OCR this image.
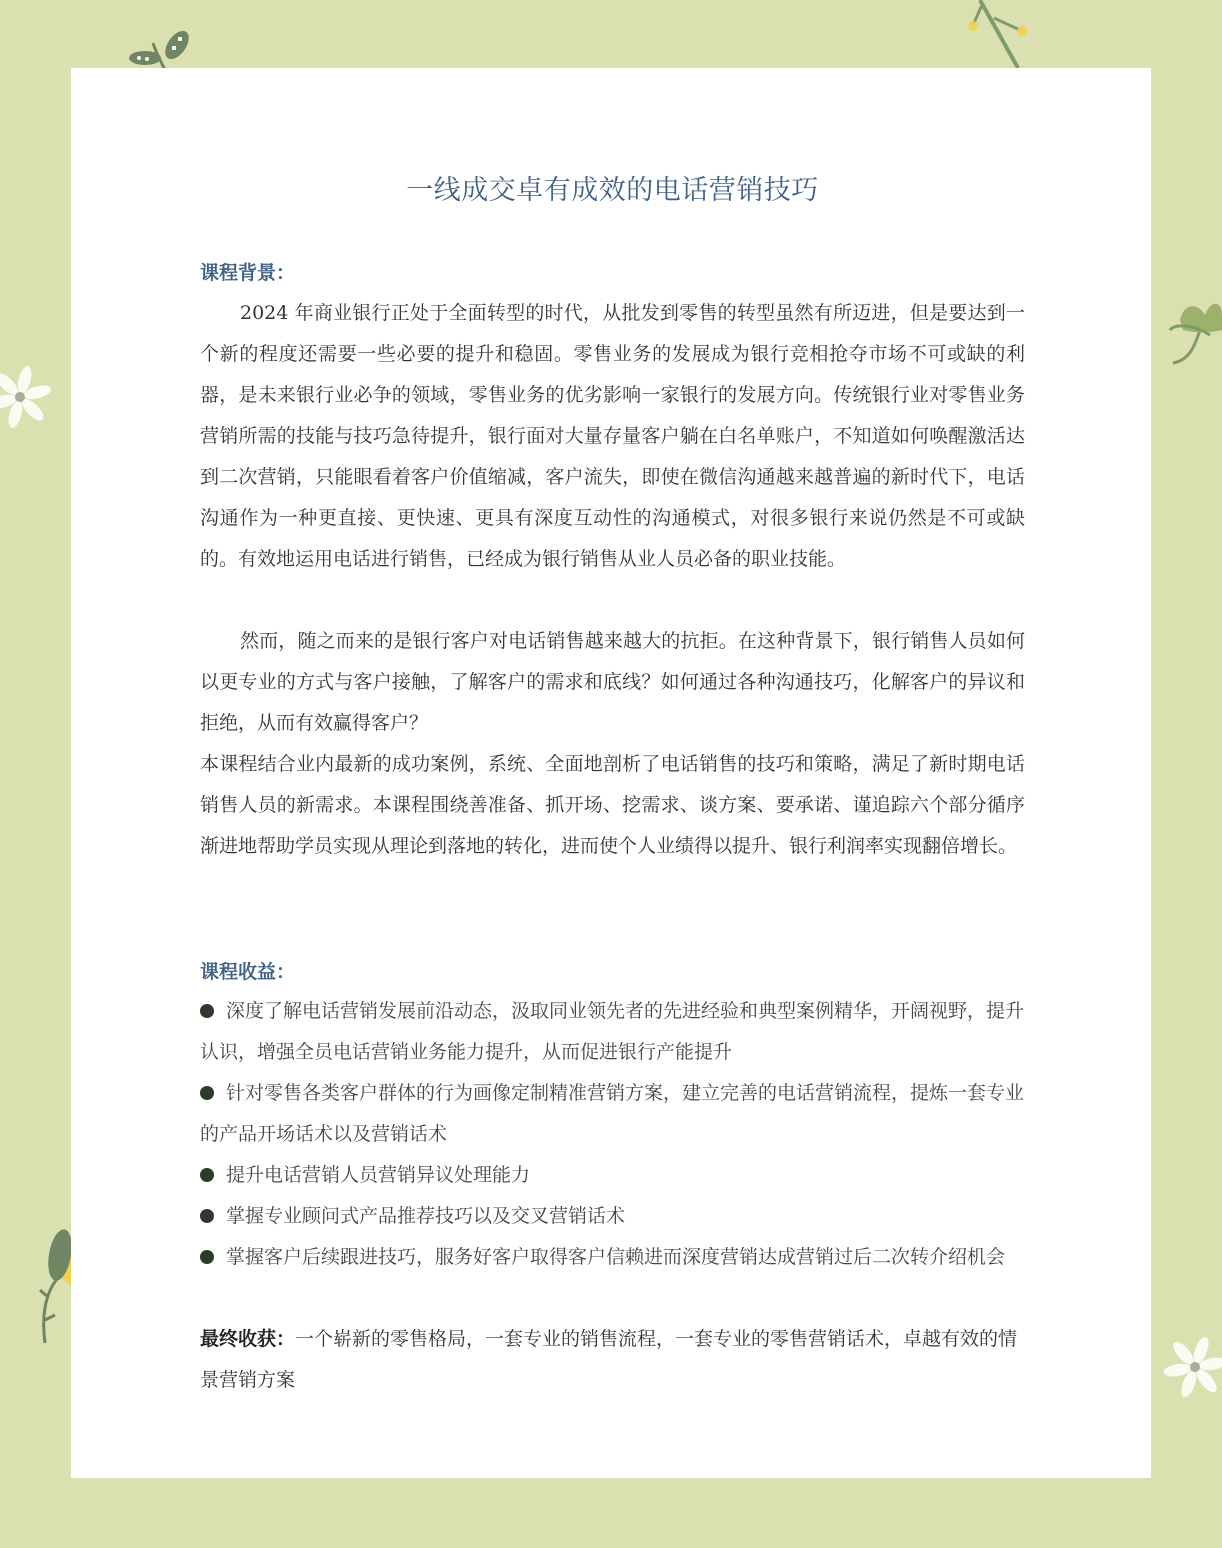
一线成交卓有成效的电话营销技巧
课程背景：
2024 年商业银行正处于全面转型的时代，从批发到零售的转型虽然有所迈进，但是要达到一个新的程度还需要一些必要的提升和稳固。零售业务的发展成为银行竞相抢夺市场不可或缺的利器，是未来银行业必争的领域，零售业务的优劣影响一家银行的发展方向。传统银行业对零售业务营销所需的技能与技巧急待提升，银行面对大量存量客户躺在白名单账户，不知道如何唤醒激活达到二次营销，只能眼看着客户价值缩减，客户流失，即使在微信沟通越来越普遍的新时代下，电话沟通作为一种更直接、更快速、更具有深度互动性的沟通模式，对很多银行来说仍然是不可或缺的。有效地运用电话进行销售，已经成为银行销售从业人员必备的职业技能。
然而，随之而来的是银行客户对电话销售越来越大的抗拒。在这种背景下，银行销售人员如何以更专业的方式与客户接触，了解客户的需求和底线？如何通过各种沟通技巧，化解客户的异议和拒绝，从而有效赢得客户？
本课程结合业内最新的成功案例，系统、全面地剖析了电话销售的技巧和策略，满足了新时期电话销售人员的新需求。本课程围绕善准备、抓开场、挖需求、谈方案、要承诺、谨追踪六个部分循序渐进地帮助学员实现从理论到落地的转化，进而使个人业绩得以提升、银行利润率实现翻倍增长。
课程收益：
深度了解电话营销发展前沿动态，汲取同业领先者的先进经验和典型案例精华，开阔视野，提升认识，增强全员电话营销业务能力提升，从而促进银行产能提升
针对零售各类客户群体的行为画像定制精准营销方案，建立完善的电话营销流程，提炼一套专业的产品开场话术以及营销话术
提升电话营销人员营销异议处理能力
掌握专业顾问式产品推荐技巧以及交叉营销话术
掌握客户后续跟进技巧，服务好客户取得客户信赖进而深度营销达成营销过后二次转介绍机会
最终收获：一个崭新的零售格局，一套专业的销售流程，一套专业的零售营销话术，卓越有效的情景营销方案
